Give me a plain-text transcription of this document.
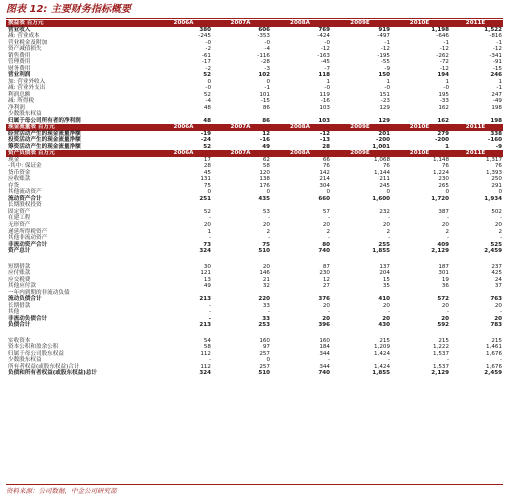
图表 12: 主要财务指标概要
损益表 百万元	2006A	2007A	2008A	2009E	2010E	2011E
营业收入	380	606	769	919	1,198	1,522
减: 营业成本	-245	-353	-424	-497	-646	-816
营业税金及附加	-0	-0	-0	-1	-1	-1
资产减值损失	-2	-4	-12	-12	-12	-12
销售费用	-61	-116	-163	-195	-262	-341
管理费用	-17	-28	-45	-55	-72	-91
财务费用	-2	-3	-7	-9	-12	-15
营业利润	52	102	118	150	194	246
加: 营业外收入	0	0	1	1	1	1
减: 营业外支出	-0	-1	-0	-0	-0	-1
利润总额	52	101	119	151	195	247
减: 所得税	-4	-15	-16	-23	-33	-49
净利润	48	86	103	129	162	198
少数股东权益
归属于母公司所有者的净利润	48	86	103	129	162	198
现金流量表 百万元	2006A	2007A	2008A	2009E	2010E	2011E
经营活动产生的现金流量净额	-19	12	-12	201	279	338
投资活动产生的现金流量净额	-24	-16	-13	-200	-200	-160
筹资活动产生的现金流量净额	52	49	28	1,001	1	-9
资产负债表 百万元	2006A	2007A	2008A	2009E	2010E	2011E
现金	17	62	66	1,068	1,148	1,317
-其中: 保证金	28	58	76	76	76	76
货币资金	45	120	142	1,144	1,224	1,393
应收账款	131	138	214	211	230	250
存货	75	176	304	245	265	291
其他流动资产	0	0	0	0	0	0
流动资产合计	251	435	660	1,600	1,720	1,934
长期股权投资
固定资产	52	53	57	232	387	502
在建工程	-	-	-	-	-	-
无形资产	20	20	20	20	20	20
递延所得税资产	1	2	2	2	2	2
其他非流动资产	-	-	-	-	-	-
非流动资产合计	73	75	80	255	409	525
资产总计	324	510	740	1,855	2,129	2,459
短期借款	30	20	87	137	187	237
应付账款	121	146	230	204	301	425
应交税费	13	21	12	15	19	24
其他应付款	49	32	27	35	36	37
一年内到期的非流动负债
流动负债合计	213	220	376	410	572	763
长期借款	-	33	20	20	20	20
其他	-	-	-	-	-	-
非流动负债合计	-	33	20	20	20	20
负债合计	213	253	396	430	592	783
实收资本	54	160	160	215	215	215
资本公积和盈余公积	58	97	184	1,209	1,222	1,461
归属于母公司股东权益	112	257	344	1,424	1,537	1,676
少数股东权益	-	0	-	-	-	-
所有者权益(或股东权益)合计	112	257	344	1,424	1,537	1,676
负债和所有者权益(或股东权益)总计	324	510	740	1,855	2,129	2,459
资料来源：公司数据，中金公司研究部
